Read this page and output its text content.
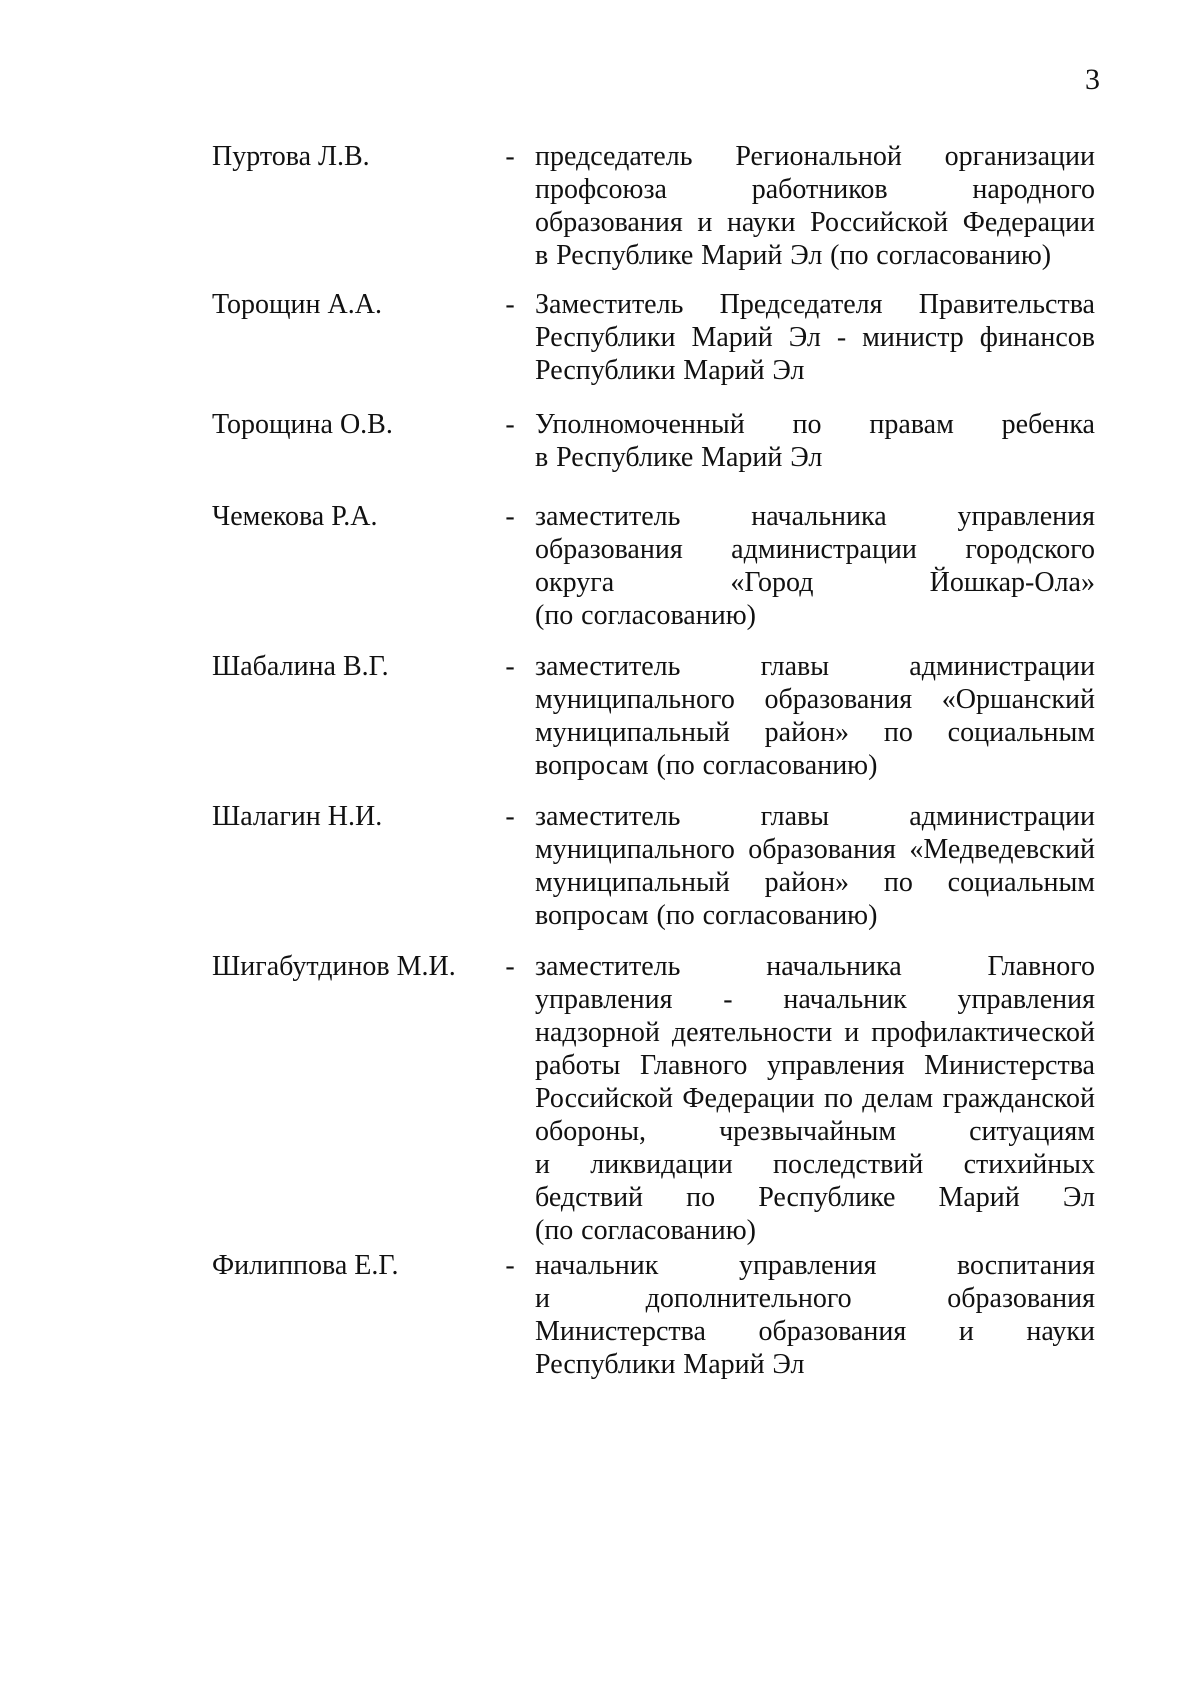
3
Пуртова Л.В.	- председатель Региональной организации
профсоюза	работников	народного
образования и науки Российской Федерации
в Республике Марий Эл (по согласованию)
Торощин А.А.	- Заместитель Председателя Правительства
Республики Марий Эл - министр финансов
Республики Марий Эл
Торощина О.В.	- Уполномоченный по правам ребенка
в Республике Марий Эл
Чемекова Р.А.	- заместитель	начальника	управления
образования администрации городского
округа	«Город	Йошкар-Ола»
(по согласованию)
Шабалина В.Г.	- заместитель	главы	администрации
муниципального образования «Оршанский
муниципальный район» по социальным
вопросам (по согласованию)
Шалагин Н.И.	- заместитель	главы	администрации
муниципального образования «Медведевский
муниципальный район» по социальным
вопросам (по согласованию)
Шигабутдинов М.И.	- заместитель	начальника	Главного
управления - начальник управления
надзорной деятельности и профилактической
работы Главного управления Министерства
Российской Федерации по делам гражданской
обороны,	чрезвычайным	ситуациям
и ликвидации последствий стихийных
бедствий по Республике Марий Эл
(по согласованию)
Филиппова Е.Г.	- начальник	управления	воспитания
и	дополнительного	образования
Министерства образования и науки
Республики Марий Эл
